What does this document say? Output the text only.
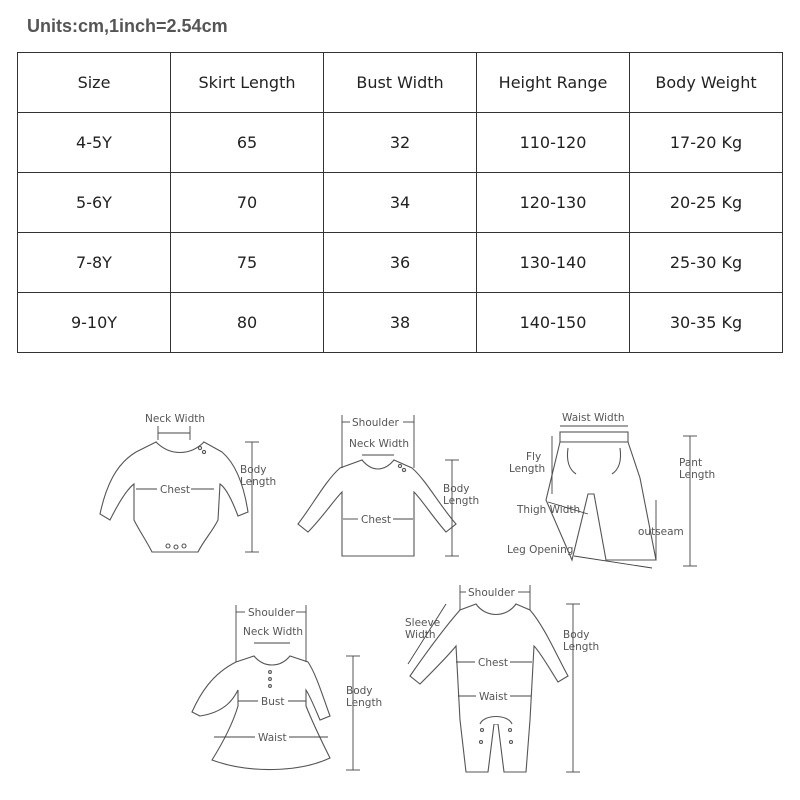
Units:cm,1inch=2.54cm
Size	Skirt Length	Bust Width	Height Range	Body Weight
4-5Y	65	32	110-120	17-20 Kg
5-6Y	70	34	120-130	20-25 Kg
7-8Y	75	36	130-140	25-30 Kg
9-10Y	80	38	140-150	30-35 Kg
Neck Width
Chest
Body
Length
Shoulder
Neck Width
Chest
Body
Length
Waist Width
Fly
Length	Pant
Length
Thigh Width
outseam
Leg Opening
Shoulder
Neck Width
Bust
Waist
Body
Length
Shoulder
Sleeve
Width
Chest
Waist
Body
Length
